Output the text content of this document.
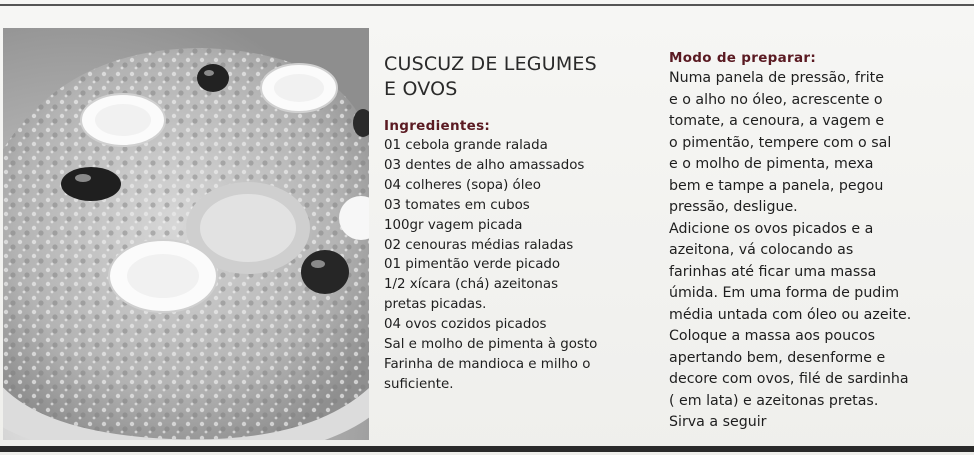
CUSCUZ DE LEGUMES
E OVOS
Ingredientes:
01 cebola grande ralada
03 dentes de alho amassados
04 colheres (sopa) óleo
03 tomates em cubos
100gr vagem picada
02 cenouras médias raladas
01 pimentão verde picado
1/2 xícara (chá) azeitonas
pretas picadas.
04 ovos cozidos picados
Sal e molho de pimenta à gosto
Farinha de mandioca e milho o
suficiente.
Modo de preparar:
Numa panela de pressão, frite
e o alho no óleo, acrescente o
tomate, a cenoura, a vagem e
o pimentão, tempere com o sal
e o molho de pimenta, mexa
bem e tampe a panela, pegou
pressão, desligue.
Adicione os ovos picados e a
azeitona, vá colocando as
farinhas até ficar uma massa
úmida. Em uma forma de pudim
média untada com óleo ou azeite.
Coloque a massa aos poucos
apertando bem, desenforme e
decore com ovos, filé de sardinha
( em lata) e azeitonas pretas.
Sirva a seguir
